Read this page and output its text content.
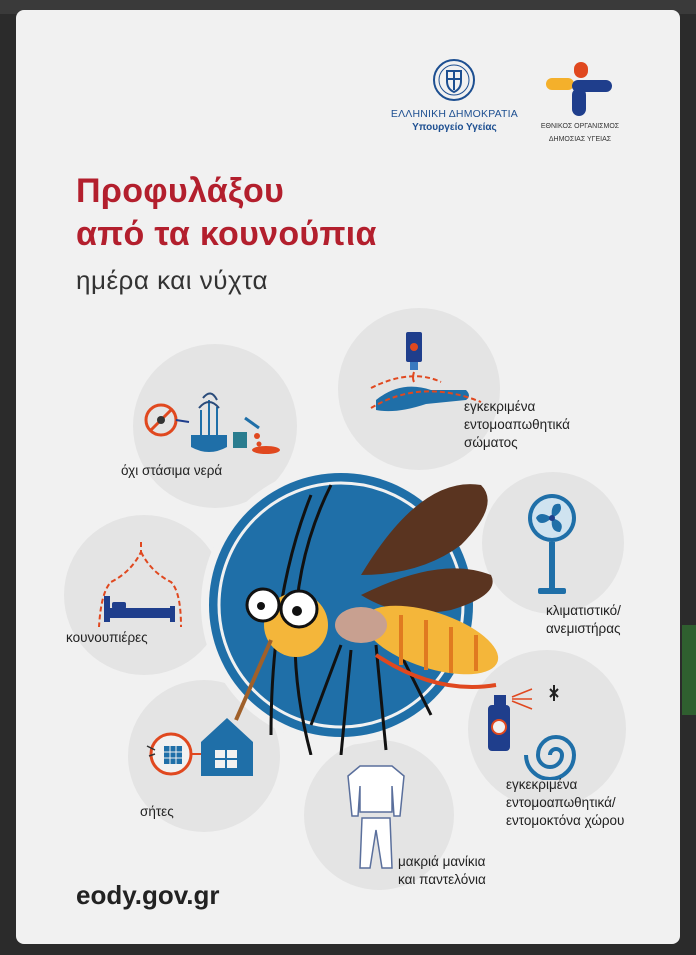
ΕΛΛΗΝΙΚΗ ΔΗΜΟΚΡΑΤΙΑ
Υπουργείο Υγείας	ΕΘΝΙΚΟΣ ΟΡΓΑΝΙΣΜΟΣ
ΔΗΜΟΣΙΑΣ ΥΓΕΙΑΣ
Προφυλάξου
από τα κουνούπια
ημέρα και νύχτα
εγκεκριμένα
εντομοαπωθητικά
σώματος
όχι στάσιμα νερά
κουνουπιέρες
κλιματιστικό/
ανεμιστήρας
σήτες
εγκεκριμένα
εντομοαπωθητικά/
εντομοκτόνα χώρου
μακριά μανίκια
και παντελόνια
eody.gov.gr
